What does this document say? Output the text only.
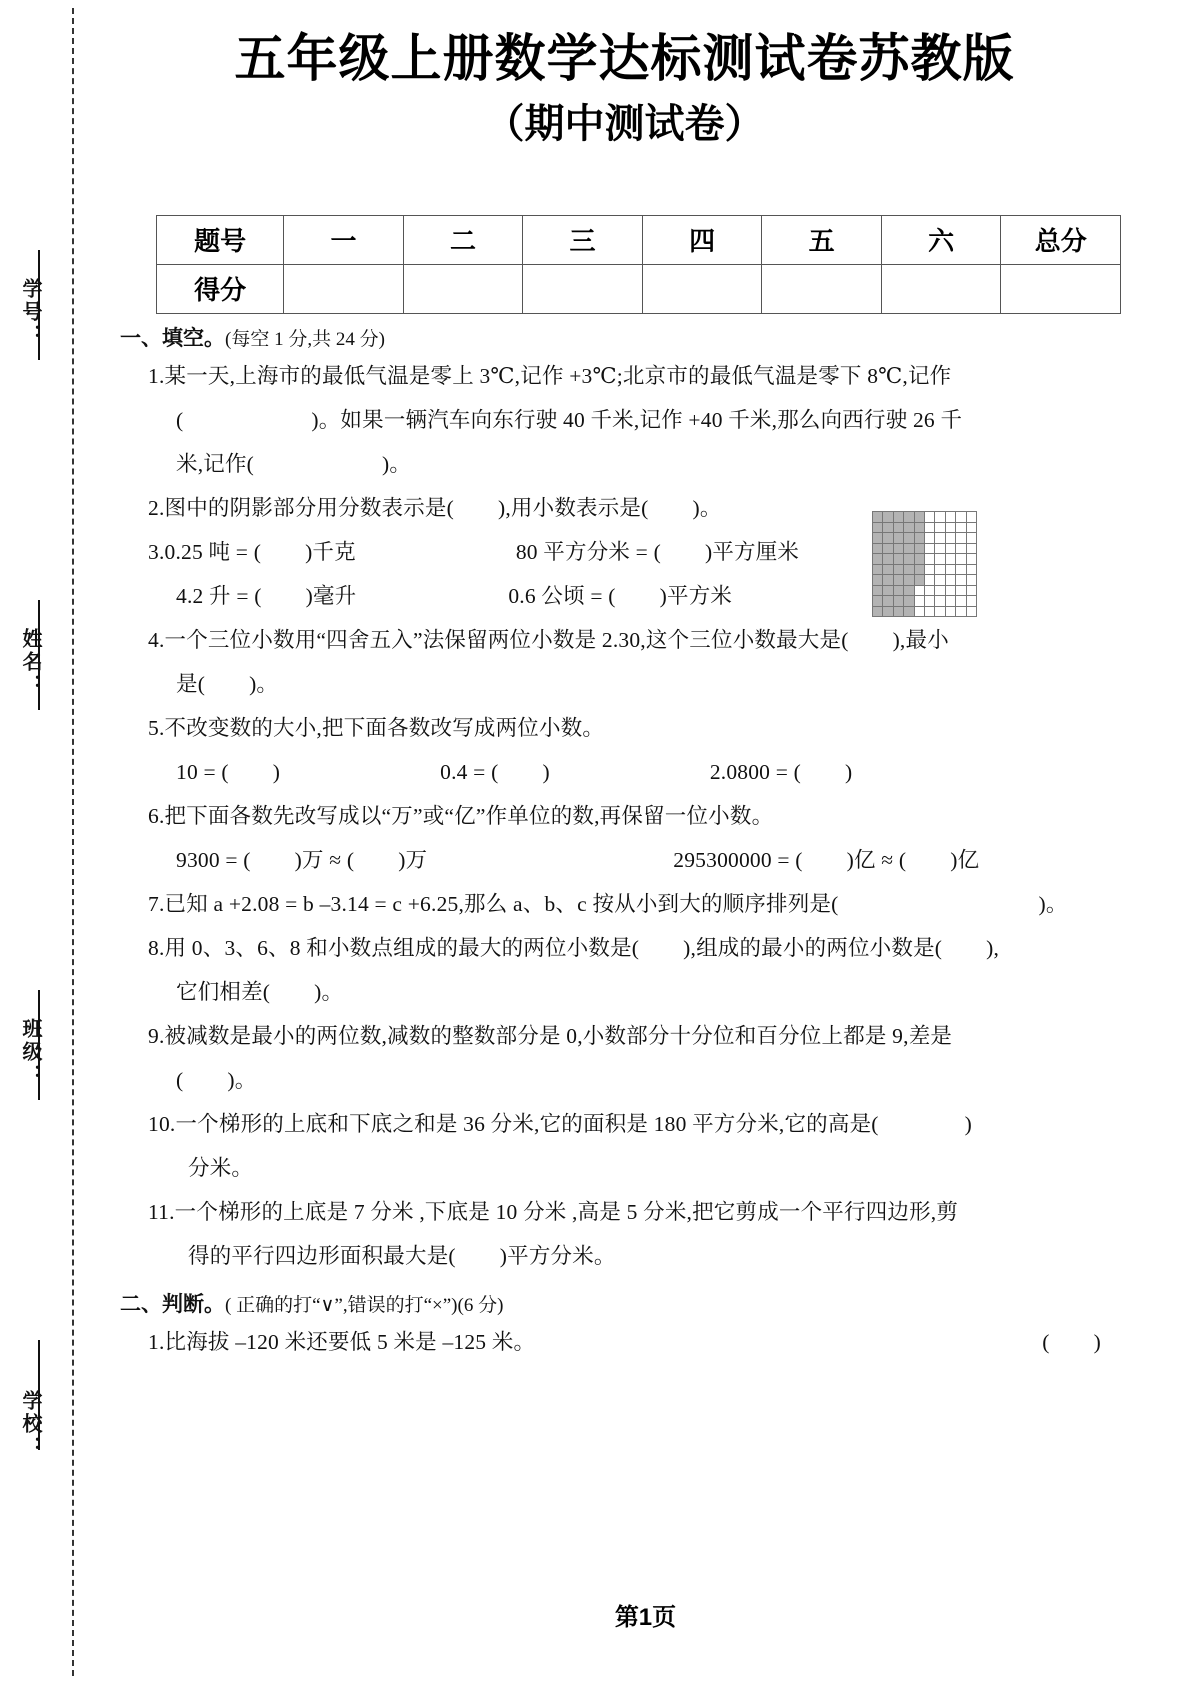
学号：
姓名：
班级：
学校：
五年级上册数学达标测试卷苏教版
（期中测试卷）
题号	一	二	三	四	五	六	总分
得分							
一、填空。(每空 1 分,共 24 分)
1.某一天,上海市的最低气温是零上 3℃,记作 +3℃;北京市的最低气温是零下 8℃,记作
(	)。如果一辆汽车向东行驶 40 千米,记作 +40 千米,那么向西行驶 26 千
米,记作(	)。
2.图中的阴影部分用分数表示是( ),用小数表示是( )。
3.0.25 吨 = ( )千克	80 平方分米 = ( )平方厘米
4.2 升 = ( )毫升	0.6 公顷 = ( )平方米
4.一个三位小数用“四舍五入”法保留两位小数是 2.30,这个三位小数最大是( ),最小
是( )。
5.不改变数的大小,把下面各数改写成两位小数。
10 = ( )	0.4 = ( )	2.0800 = ( )
6.把下面各数先改写成以“万”或“亿”作单位的数,再保留一位小数。
9300 = ( )万 ≈ ( )万	295300000 = ( )亿 ≈ ( )亿
7.已知 a +2.08 = b –3.14 = c +6.25,那么 a、b、c 按从小到大的顺序排列是(	)。
8.用 0、3、6、8 和小数点组成的最大的两位小数是( ),组成的最小的两位小数是( ),
它们相差( )。
9.被减数是最小的两位数,减数的整数部分是 0,小数部分十分位和百分位上都是 9,差是
( )。
10.一个梯形的上底和下底之和是 36 分米,它的面积是 180 平方分米,它的高是(	)
分米。
11.一个梯形的上底是 7 分米 ,下底是 10 分米 ,高是 5 分米,把它剪成一个平行四边形,剪
得的平行四边形面积最大是( )平方分米。
二、判断。( 正确的打“∨”,错误的打“×”)(6 分)
1.比海拔 –120 米还要低 5 米是 –125 米。	( )
第1页
